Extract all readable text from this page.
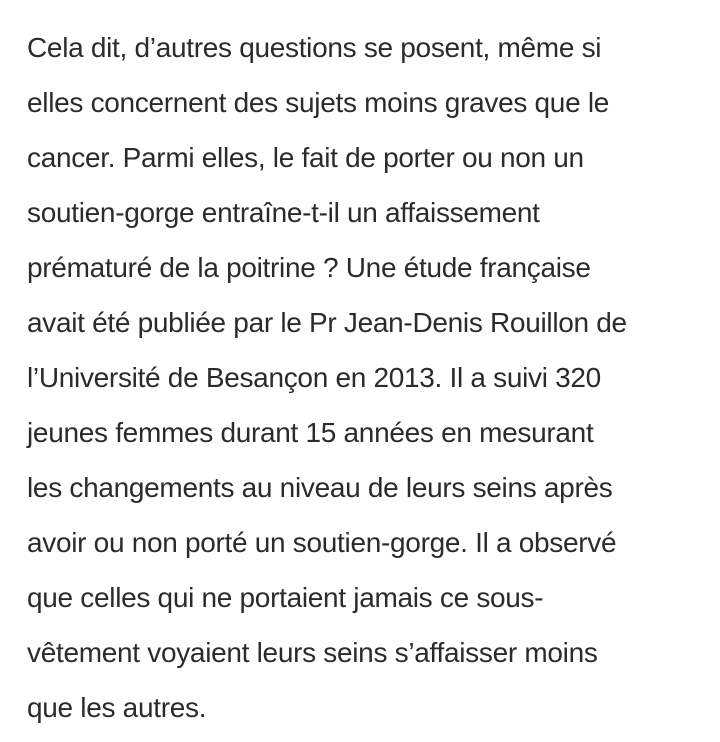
Cela dit, d’autres questions se posent, même si
elles concernent des sujets moins graves que le
cancer. Parmi elles, le fait de porter ou non un
soutien-gorge entraîne-t-il un affaissement
prématuré de la poitrine ? Une étude française
avait été publiée par le Pr Jean-Denis Rouillon de
l’Université de Besançon en 2013. Il a suivi 320
jeunes femmes durant 15 années en mesurant
les changements au niveau de leurs seins après
avoir ou non porté un soutien-gorge. Il a observé
que celles qui ne portaient jamais ce sous-
vêtement voyaient leurs seins s’affaisser moins
que les autres.
